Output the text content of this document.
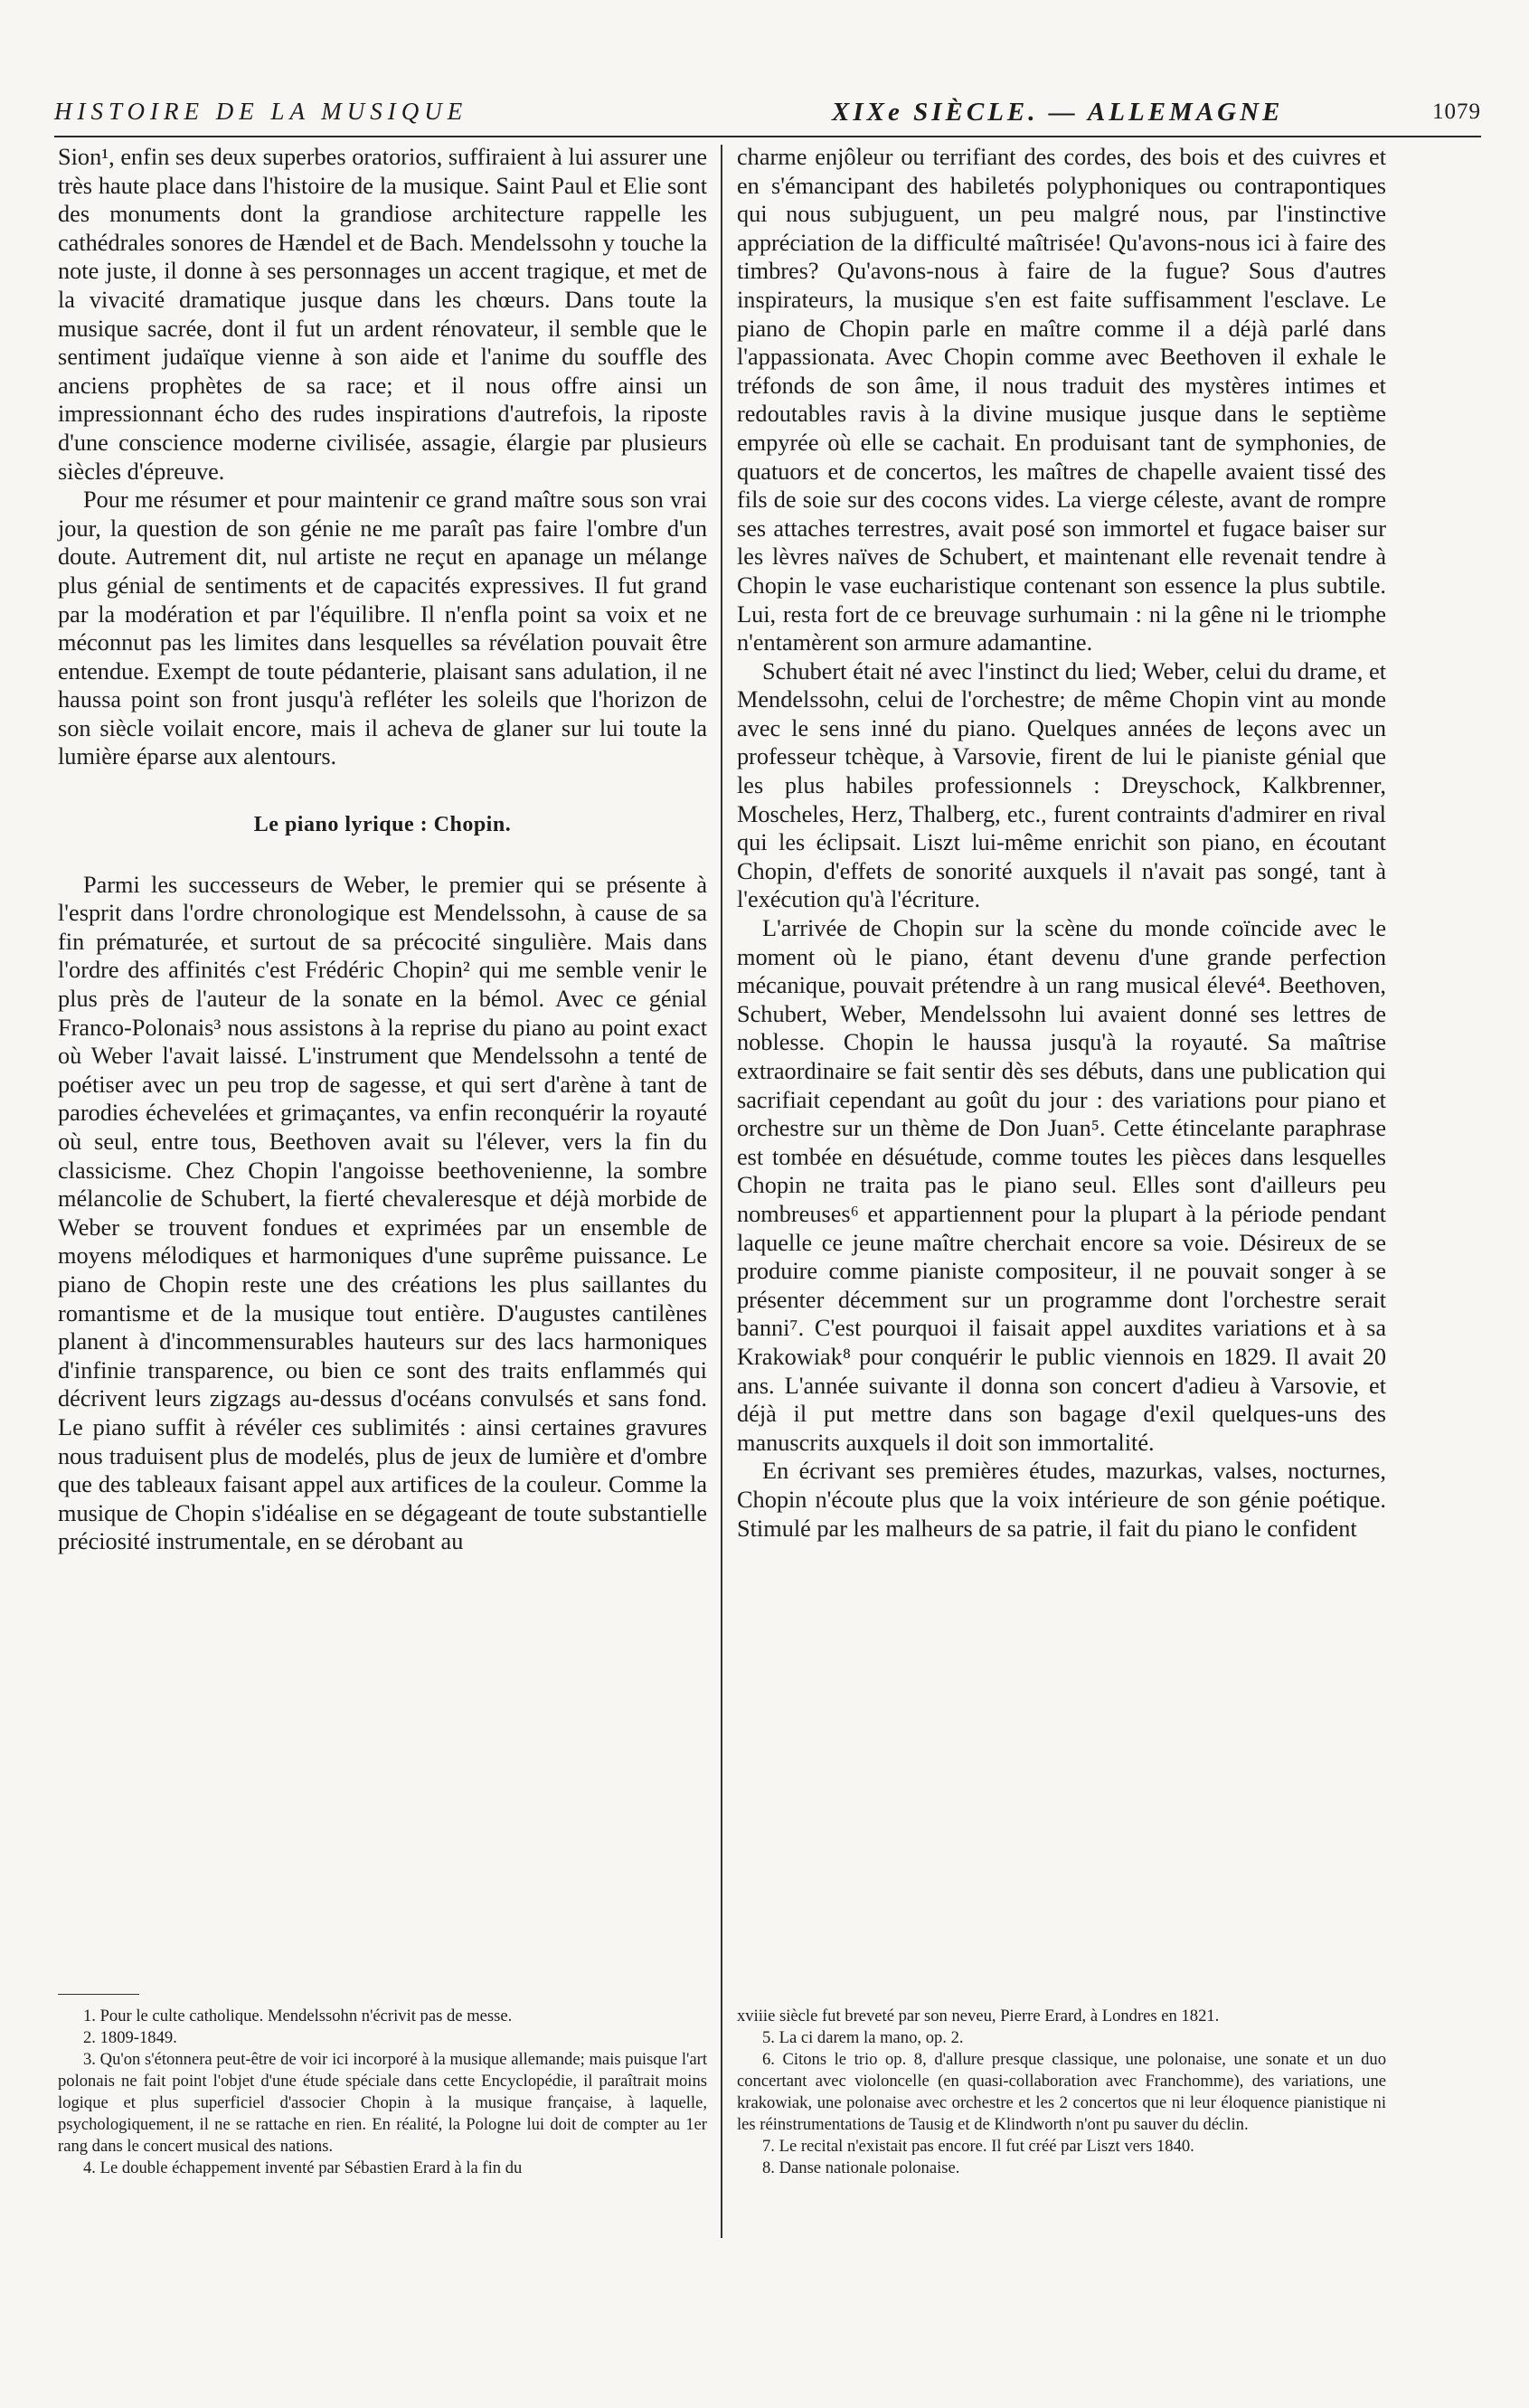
HISTOIRE DE LA MUSIQUE	XIXe SIÈCLE. — ALLEMAGNE	1079

Sion¹, enfin ses deux superbes oratorios, suffiraient à lui assurer une très haute place dans l'histoire de la musique. Saint Paul et Elie sont des monuments dont la grandiose architecture rappelle les cathédrales sonores de Hændel et de Bach. Mendelssohn y touche la note juste, il donne à ses personnages un accent tragique, et met de la vivacité dramatique jusque dans les chœurs. Dans toute la musique sacrée, dont il fut un ardent rénovateur, il semble que le sentiment judaïque vienne à son aide et l'anime du souffle des anciens prophètes de sa race; et il nous offre ainsi un impressionnant écho des rudes inspirations d'autrefois, la riposte d'une conscience moderne civilisée, assagie, élargie par plusieurs siècles d'épreuve.

Pour me résumer et pour maintenir ce grand maître sous son vrai jour, la question de son génie ne me paraît pas faire l'ombre d'un doute. Autrement dit, nul artiste ne reçut en apanage un mélange plus génial de sentiments et de capacités expressives. Il fut grand par la modération et par l'équilibre. Il n'enfla point sa voix et ne méconnut pas les limites dans lesquelles sa révélation pouvait être entendue. Exempt de toute pédanterie, plaisant sans adulation, il ne haussa point son front jusqu'à refléter les soleils que l'horizon de son siècle voilait encore, mais il acheva de glaner sur lui toute la lumière éparse aux alentours.

Le piano lyrique : Chopin.

Parmi les successeurs de Weber, le premier qui se présente à l'esprit dans l'ordre chronologique est Mendelssohn, à cause de sa fin prématurée, et surtout de sa précocité singulière. Mais dans l'ordre des affinités c'est Frédéric Chopin² qui me semble venir le plus près de l'auteur de la sonate en la bémol. Avec ce génial Franco-Polonais³ nous assistons à la reprise du piano au point exact où Weber l'avait laissé. L'instrument que Mendelssohn a tenté de poétiser avec un peu trop de sagesse, et qui sert d'arène à tant de parodies échevelées et grimaçantes, va enfin reconquérir la royauté où seul, entre tous, Beethoven avait su l'élever, vers la fin du classicisme. Chez Chopin l'angoisse beethovenienne, la sombre mélancolie de Schubert, la fierté chevaleresque et déjà morbide de Weber se trouvent fondues et exprimées par un ensemble de moyens mélodiques et harmoniques d'une suprême puissance. Le piano de Chopin reste une des créations les plus saillantes du romantisme et de la musique tout entière. D'augustes cantilènes planent à d'incommensurables hauteurs sur des lacs harmoniques d'infinie transparence, ou bien ce sont des traits enflammés qui décrivent leurs zigzags au-dessus d'océans convulsés et sans fond. Le piano suffit à révéler ces sublimités : ainsi certaines gravures nous traduisent plus de modelés, plus de jeux de lumière et d'ombre que des tableaux faisant appel aux artifices de la couleur. Comme la musique de Chopin s'idéalise en se dégageant de toute substantielle préciosité instrumentale, en se dérobant au

charme enjôleur ou terrifiant des cordes, des bois et des cuivres et en s'émancipant des habiletés polyphoniques ou contrapontiques qui nous subjuguent, un peu malgré nous, par l'instinctive appréciation de la difficulté maîtrisée! Qu'avons-nous ici à faire des timbres? Qu'avons-nous à faire de la fugue? Sous d'autres inspirateurs, la musique s'en est faite suffisamment l'esclave. Le piano de Chopin parle en maître comme il a déjà parlé dans l'appassionata. Avec Chopin comme avec Beethoven il exhale le tréfonds de son âme, il nous traduit des mystères intimes et redoutables ravis à la divine musique jusque dans le septième empyrée où elle se cachait. En produisant tant de symphonies, de quatuors et de concertos, les maîtres de chapelle avaient tissé des fils de soie sur des cocons vides. La vierge céleste, avant de rompre ses attaches terrestres, avait posé son immortel et fugace baiser sur les lèvres naïves de Schubert, et maintenant elle revenait tendre à Chopin le vase eucharistique contenant son essence la plus subtile. Lui, resta fort de ce breuvage surhumain : ni la gêne ni le triomphe n'entamèrent son armure adamantine.

Schubert était né avec l'instinct du lied; Weber, celui du drame, et Mendelssohn, celui de l'orchestre; de même Chopin vint au monde avec le sens inné du piano. Quelques années de leçons avec un professeur tchèque, à Varsovie, firent de lui le pianiste génial que les plus habiles professionnels : Dreyschock, Kalkbrenner, Moscheles, Herz, Thalberg, etc., furent contraints d'admirer en rival qui les éclipsait. Liszt lui-même enrichit son piano, en écoutant Chopin, d'effets de sonorité auxquels il n'avait pas songé, tant à l'exécution qu'à l'écriture.

L'arrivée de Chopin sur la scène du monde coïncide avec le moment où le piano, étant devenu d'une grande perfection mécanique, pouvait prétendre à un rang musical élevé⁴. Beethoven, Schubert, Weber, Mendelssohn lui avaient donné ses lettres de noblesse. Chopin le haussa jusqu'à la royauté. Sa maîtrise extraordinaire se fait sentir dès ses débuts, dans une publication qui sacrifiait cependant au goût du jour : des variations pour piano et orchestre sur un thème de Don Juan⁵. Cette étincelante paraphrase est tombée en désuétude, comme toutes les pièces dans lesquelles Chopin ne traita pas le piano seul. Elles sont d'ailleurs peu nombreuses⁶ et appartiennent pour la plupart à la période pendant laquelle ce jeune maître cherchait encore sa voie. Désireux de se produire comme pianiste compositeur, il ne pouvait songer à se présenter décemment sur un programme dont l'orchestre serait banni⁷. C'est pourquoi il faisait appel auxdites variations et à sa Krakowiak⁸ pour conquérir le public viennois en 1829. Il avait 20 ans. L'année suivante il donna son concert d'adieu à Varsovie, et déjà il put mettre dans son bagage d'exil quelques-uns des manuscrits auxquels il doit son immortalité.

En écrivant ses premières études, mazurkas, valses, nocturnes, Chopin n'écoute plus que la voix intérieure de son génie poétique. Stimulé par les malheurs de sa patrie, il fait du piano le confident

1. Pour le culte catholique. Mendelssohn n'écrivit pas de messe.

2. 1809-1849.

3. Qu'on s'étonnera peut-être de voir ici incorporé à la musique allemande; mais puisque l'art polonais ne fait point l'objet d'une étude spéciale dans cette Encyclopédie, il paraîtrait moins logique et plus superficiel d'associer Chopin à la musique française, à laquelle, psychologiquement, il ne se rattache en rien. En réalité, la Pologne lui doit de compter au 1er rang dans le concert musical des nations.

4. Le double échappement inventé par Sébastien Erard à la fin du

xviiie siècle fut breveté par son neveu, Pierre Erard, à Londres en 1821.

5. La ci darem la mano, op. 2.

6. Citons le trio op. 8, d'allure presque classique, une polonaise, une sonate et un duo concertant avec violoncelle (en quasi-collaboration avec Franchomme), des variations, une krakowiak, une polonaise avec orchestre et les 2 concertos que ni leur éloquence pianistique ni les réinstrumentations de Tausig et de Klindworth n'ont pu sauver du déclin.

7. Le recital n'existait pas encore. Il fut créé par Liszt vers 1840.

8. Danse nationale polonaise.
